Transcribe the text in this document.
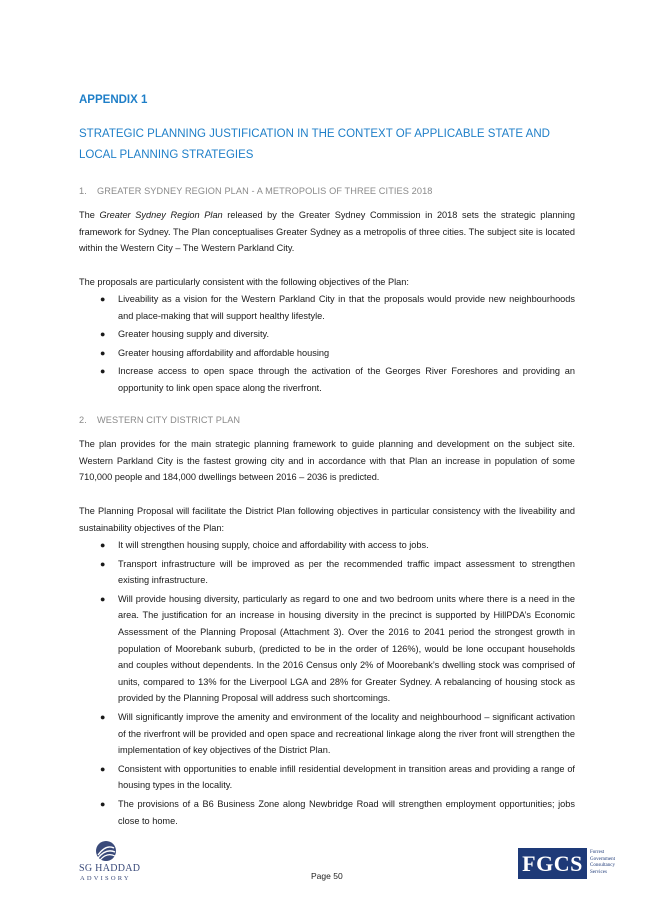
APPENDIX 1
STRATEGIC PLANNING JUSTIFICATION IN THE CONTEXT OF APPLICABLE STATE AND LOCAL PLANNING STRATEGIES
1. GREATER SYDNEY REGION PLAN - A METROPOLIS OF THREE CITIES 2018

The Greater Sydney Region Plan released by the Greater Sydney Commission in 2018 sets the strategic planning framework for Sydney. The Plan conceptualises Greater Sydney as a metropolis of three cities. The subject site is located within the Western City – The Western Parkland City.

The proposals are particularly consistent with the following objectives of the Plan:

● Liveability as a vision for the Western Parkland City in that the proposals would provide new neighbourhoods and place-making that will support healthy lifestyle.
● Greater housing supply and diversity.
● Greater housing affordability and affordable housing
● Increase access to open space through the activation of the Georges River Foreshores and providing an opportunity to link open space along the riverfront.
2. WESTERN CITY DISTRICT PLAN

The plan provides for the main strategic planning framework to guide planning and development on the subject site. Western Parkland City is the fastest growing city and in accordance with that Plan an increase in population of some 710,000 people and 184,000 dwellings between 2016 – 2036 is predicted.

The Planning Proposal will facilitate the District Plan following objectives in particular consistency with the liveability and sustainability objectives of the Plan:

● It will strengthen housing supply, choice and affordability with access to jobs.
● Transport infrastructure will be improved as per the recommended traffic impact assessment to strengthen existing infrastructure.
● Will provide housing diversity, particularly as regard to one and two bedroom units where there is a need in the area. The justification for an increase in housing diversity in the precinct is supported by HillPDA’s Economic Assessment of the Planning Proposal (Attachment 3). Over the 2016 to 2041 period the strongest growth in population of Moorebank suburb, (predicted to be in the order of 126%), would be lone occupant households and couples without dependents. In the 2016 Census only 2% of Moorebank’s dwelling stock was comprised of units, compared to 13% for the Liverpool LGA and 28% for Greater Sydney. A rebalancing of housing stock as provided by the Planning Proposal will address such shortcomings.
● Will significantly improve the amenity and environment of the locality and neighbourhood – significant activation of the riverfront will be provided and open space and recreational linkage along the river front will strengthen the implementation of key objectives of the District Plan.
● Consistent with opportunities to enable infill residential development in transition areas and providing a range of housing types in the locality.
● The provisions of a B6 Business Zone along Newbridge Road will strengthen employment opportunities; jobs close to home.
SG HADDAD
ADVISORY	Page 50	FGCS	Forrest
Government
Consultancy
Services
